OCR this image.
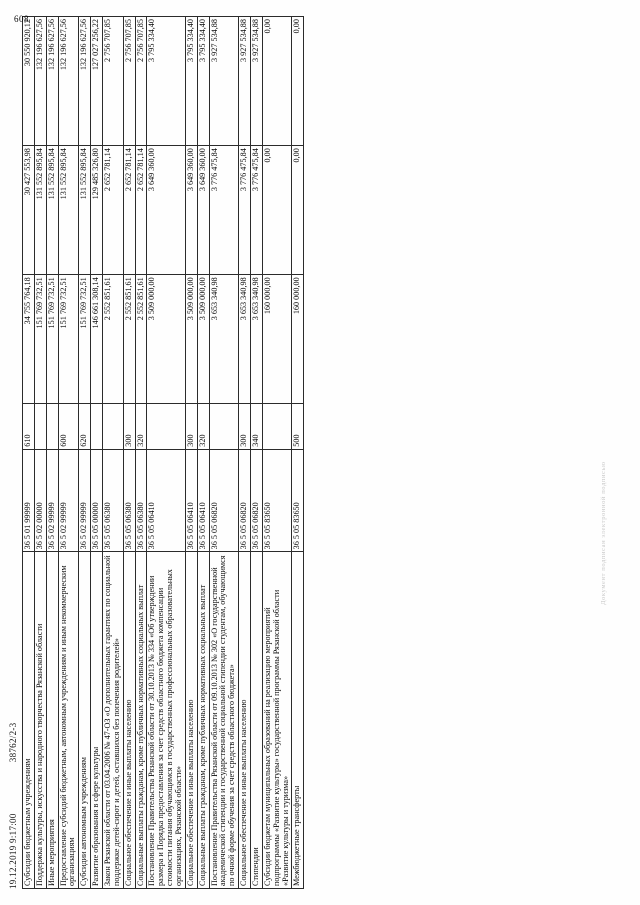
19.12.2019 9:17:00  38762/2-3
Субсидии бюджетным учреждениям	36 5 01 99999	610	34 755 764,18	30 427 553,98	30 550 920,12
Поддержка культуры, искусства и народного творчества Рязанской области	36 5 02 00000		151 769 732,51	131 552 895,84	132 196 627,56
Иные мероприятия	36 5 02 99999		151 769 732,51	131 552 895,84	132 196 627,56
Предоставление субсидий бюджетным, автономным учреждениям и иным некоммерческим организациям	36 5 02 99999	600	151 769 732,51	131 552 895,84	132 196 627,56
Субсидии автономным учреждениям	36 5 02 99999	620	151 769 732,51	131 552 895,84	132 196 627,56
Развитие образования в сфере культуры	36 5 05 00000		146 661 308,14	129 485 326,80	127 027 256,22
Закон Рязанской области от 03.04.2006 № 47-ОЗ «О дополнительных гарантиях по социальной поддержке детей-сирот и детей, оставшихся без попечения родителей»	36 5 05 06380		2 552 851,61	2 652 781,14	2 756 707,85
Социальное обеспечение и иные выплаты населению	36 5 05 06380	300	2 552 851,61	2 652 781,14	2 756 707,85
Социальные выплаты гражданам, кроме публичных нормативных социальных выплат	36 5 05 06380	320	2 552 851,61	2 652 781,14	2 756 707,85
Постановление Правительства Рязанской области от 30.10.2013 № 334 «Об утверждении размера и Порядка предоставления за счет средств областного бюджета компенсации стоимости питания обучающимся в государственных профессиональных образовательных организациях, Рязанской области»	36 5 05 06410		3 509 000,00	3 649 360,00	3 795 334,40
Социальное обеспечение и иные выплаты населению	36 5 05 06410	300	3 509 000,00	3 649 360,00	3 795 334,40
Социальные выплаты гражданам, кроме публичных нормативных социальных выплат	36 5 05 06410	320	3 509 000,00	3 649 360,00	3 795 334,40
Постановление Правительства Рязанской области от 09.10.2013 № 302 «О государственной академической стипендии и государственной социальной стипендии студентам, обучающимся по очной форме обучения за счет средств областного бюджета»	36 5 05 06820		3 653 340,98	3 776 475,84	3 927 534,88
Социальное обеспечение и иные выплаты населению	36 5 05 06820	300	3 653 340,98	3 776 475,84	3 927 534,88
Стипендии	36 5 05 06820	340	3 653 340,98	3 776 475,84	3 927 534,88
Субсидии бюджетам муниципальных образований на реализацию мероприятий подпрограммы «Развитие культуры» государственной программы Рязанской области «Развитие культуры и туризма»	36 5 05 83650		160 000,00	0,00	0,00
Межбюджетные трансферты	36 5 05 83650	500	160 000,00	0,00	0,00
Документ подписан электронной подписью
608
